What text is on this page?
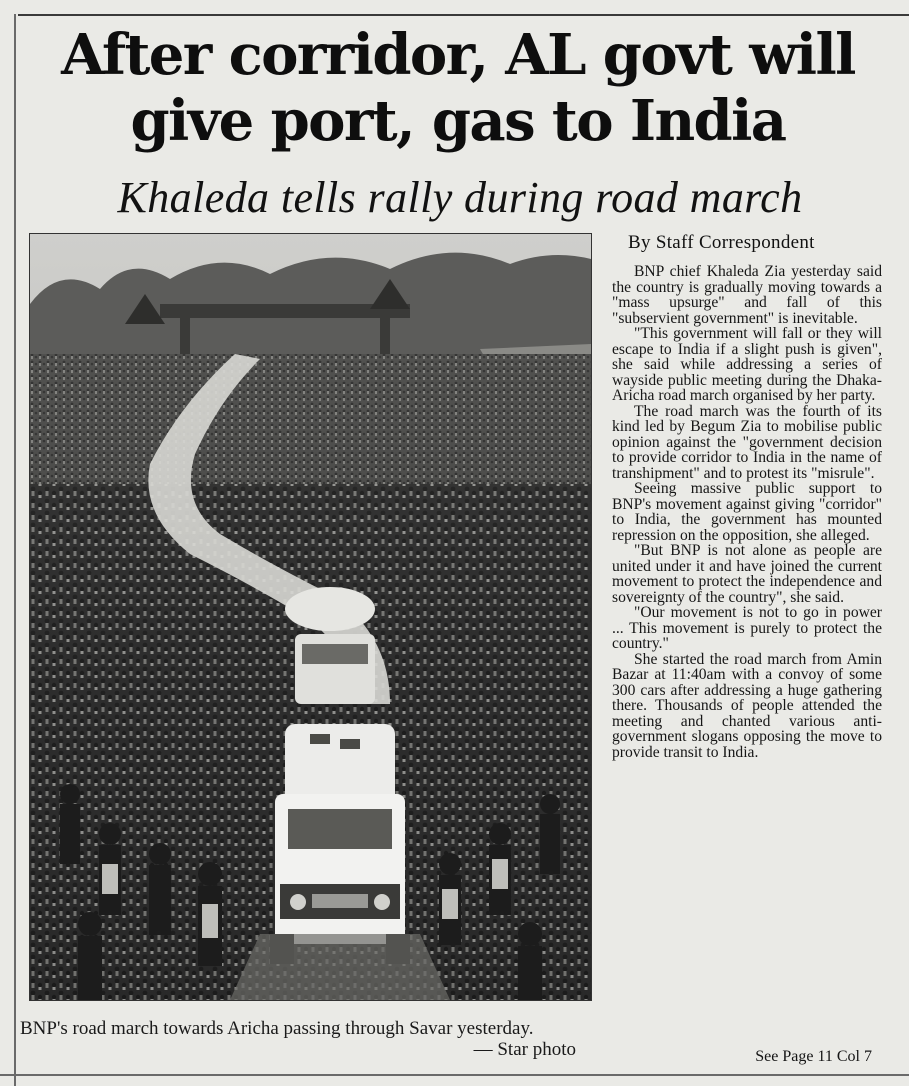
After corridor, AL govt will give port, gas to India
Khaleda tells rally during road march
BNP's road march towards Aricha passing through Savar yesterday.
— Star photo
By Staff Correspondent

BNP chief Khaleda Zia yesterday said the country is gradually moving towards a "mass upsurge" and fall of this "subservient government" is inevitable.

"This government will fall or they will escape to India if a slight push is given", she said while addressing a series of wayside public meeting during the Dhaka-Aricha road march organised by her party.

The road march was the fourth of its kind led by Begum Zia to mobilise public opinion against the "government decision to provide corridor to India in the name of transhipment" and to protest its "misrule".

Seeing massive public support to BNP's movement against giving "corridor" to India, the government has mounted repression on the opposition, she alleged.

"But BNP is not alone as people are united under it and have joined the current movement to protect the independence and sovereignty of the country", she said.

"Our movement is not to go in power ... This movement is purely to protect the country."

She started the road march from Amin Bazar at 11:40am with a convoy of some 300 cars after addressing a huge gathering there. Thousands of people attended the meeting and chanted various anti-government slogans opposing the move to provide transit to India.

See Page 11 Col 7
